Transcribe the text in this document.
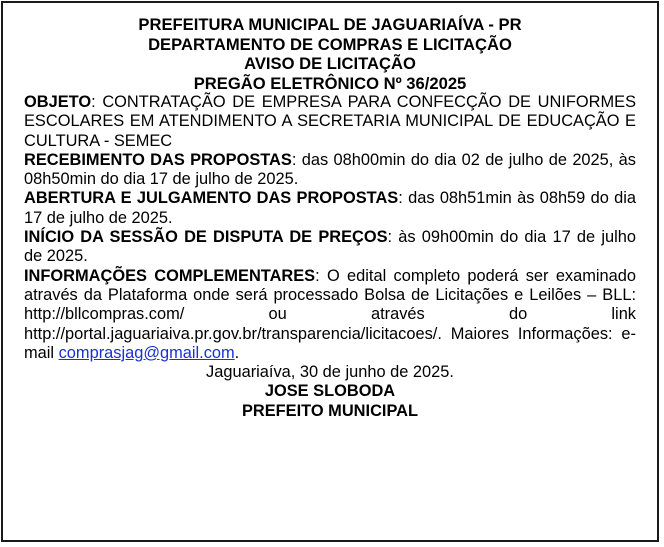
PREFEITURA MUNICIPAL DE JAGUARIAÍVA - PR
DEPARTAMENTO DE COMPRAS E LICITAÇÃO
AVISO DE LICITAÇÃO
PREGÃO ELETRÔNICO Nº 36/2025

OBJETO: CONTRATAÇÃO DE EMPRESA PARA CONFECÇÃO DE UNIFORMES ESCOLARES EM ATENDIMENTO A SECRETARIA MUNICIPAL DE EDUCAÇÃO E CULTURA - SEMEC

RECEBIMENTO DAS PROPOSTAS: das 08h00min do dia 02 de julho de 2025, às 08h50min do dia 17 de julho de 2025.

ABERTURA E JULGAMENTO DAS PROPOSTAS: das 08h51min às 08h59 do dia 17 de julho de 2025.

INÍCIO DA SESSÃO DE DISPUTA DE PREÇOS: às 09h00min do dia 17 de julho de 2025.

INFORMAÇÕES COMPLEMENTARES: O edital completo poderá ser examinado através da Plataforma onde será processado Bolsa de Licitações e Leilões – BLL: http://bllcompras.com/ ou através do link http://portal.jaguariaiva.pr.gov.br/transparencia/licitacoes/. Maiores Informações: e-mail comprasjag@gmail.com.

Jaguariaíva, 30 de junho de 2025.
JOSE SLOBODA
PREFEITO MUNICIPAL
